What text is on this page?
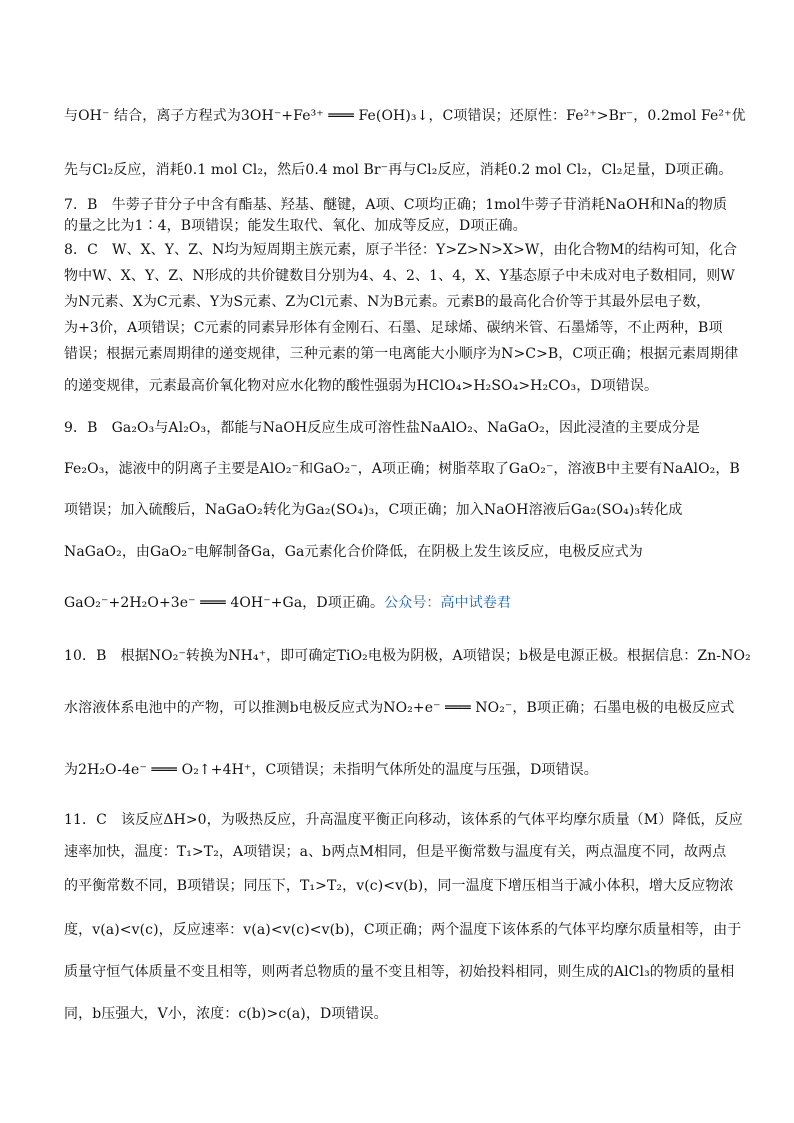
与OH⁻ 结合，离子方程式为3OH⁻+Fe³⁺ ═══ Fe(OH)₃↓，C项错误；还原性：Fe²⁺>Br⁻，0.2mol Fe²⁺优
先与Cl₂反应，消耗0.1 mol Cl₂，然后0.4 mol Br⁻再与Cl₂反应，消耗0.2 mol Cl₂，Cl₂足量，D项正确。
7．B　牛蒡子苷分子中含有酯基、羟基、醚键，A项、C项均正确；1mol牛蒡子苷消耗NaOH和Na的物质
的量之比为1∶4，B项错误；能发生取代、氧化、加成等反应，D项正确。
8．C　W、X、Y、Z、N均为短周期主族元素，原子半径：Y>Z>N>X>W，由化合物M的结构可知，化合
物中W、X、Y、Z、N形成的共价键数目分别为4、4、2、1、4，X、Y基态原子中未成对电子数相同，则W
为N元素、X为C元素、Y为S元素、Z为Cl元素、N为B元素。元素B的最高化合价等于其最外层电子数，
为+3价，A项错误；C元素的同素异形体有金刚石、石墨、足球烯、碳纳米管、石墨烯等，不止两种，B项
错误；根据元素周期律的递变规律，三种元素的第一电离能大小顺序为N>C>B，C项正确；根据元素周期律
的递变规律，元素最高价氧化物对应水化物的酸性强弱为HClO₄>H₂SO₄>H₂CO₃，D项错误。
9．B　Ga₂O₃与Al₂O₃，都能与NaOH反应生成可溶性盐NaAlO₂、NaGaO₂，因此浸渣的主要成分是
Fe₂O₃，滤液中的阴离子主要是AlO₂⁻和GaO₂⁻，A项正确；树脂萃取了GaO₂⁻，溶液B中主要有NaAlO₂，B
项错误；加入硫酸后，NaGaO₂转化为Ga₂(SO₄)₃，C项正确；加入NaOH溶液后Ga₂(SO₄)₃转化成
NaGaO₂，由GaO₂⁻电解制备Ga，Ga元素化合价降低，在阴极上发生该反应，电极反应式为
GaO₂⁻+2H₂O+3e⁻ ═══ 4OH⁻+Ga，D项正确。公众号：高中试卷君
10．B　根据NO₂⁻转换为NH₄⁺，即可确定TiO₂电极为阴极，A项错误；b极是电源正极。根据信息：Zn-NO₂
水溶液体系电池中的产物，可以推测b电极反应式为NO₂+e⁻ ═══ NO₂⁻，B项正确；石墨电极的电极反应式
为2H₂O-4e⁻ ═══ O₂↑+4H⁺，C项错误；未指明气体所处的温度与压强，D项错误。
11．C　该反应ΔH>0，为吸热反应，升高温度平衡正向移动，该体系的气体平均摩尔质量（M）降低，反应
速率加快，温度：T₁>T₂，A项错误；a、b两点M相同，但是平衡常数与温度有关，两点温度不同，故两点
的平衡常数不同，B项错误；同压下，T₁>T₂，v(c)<v(b)，同一温度下增压相当于减小体积，增大反应物浓
度，v(a)<v(c)，反应速率：v(a)<v(c)<v(b)，C项正确；两个温度下该体系的气体平均摩尔质量相等，由于
质量守恒气体质量不变且相等，则两者总物质的量不变且相等，初始投料相同，则生成的AlCl₃的物质的量相
同，b压强大，V小，浓度：c(b)>c(a)，D项错误。
